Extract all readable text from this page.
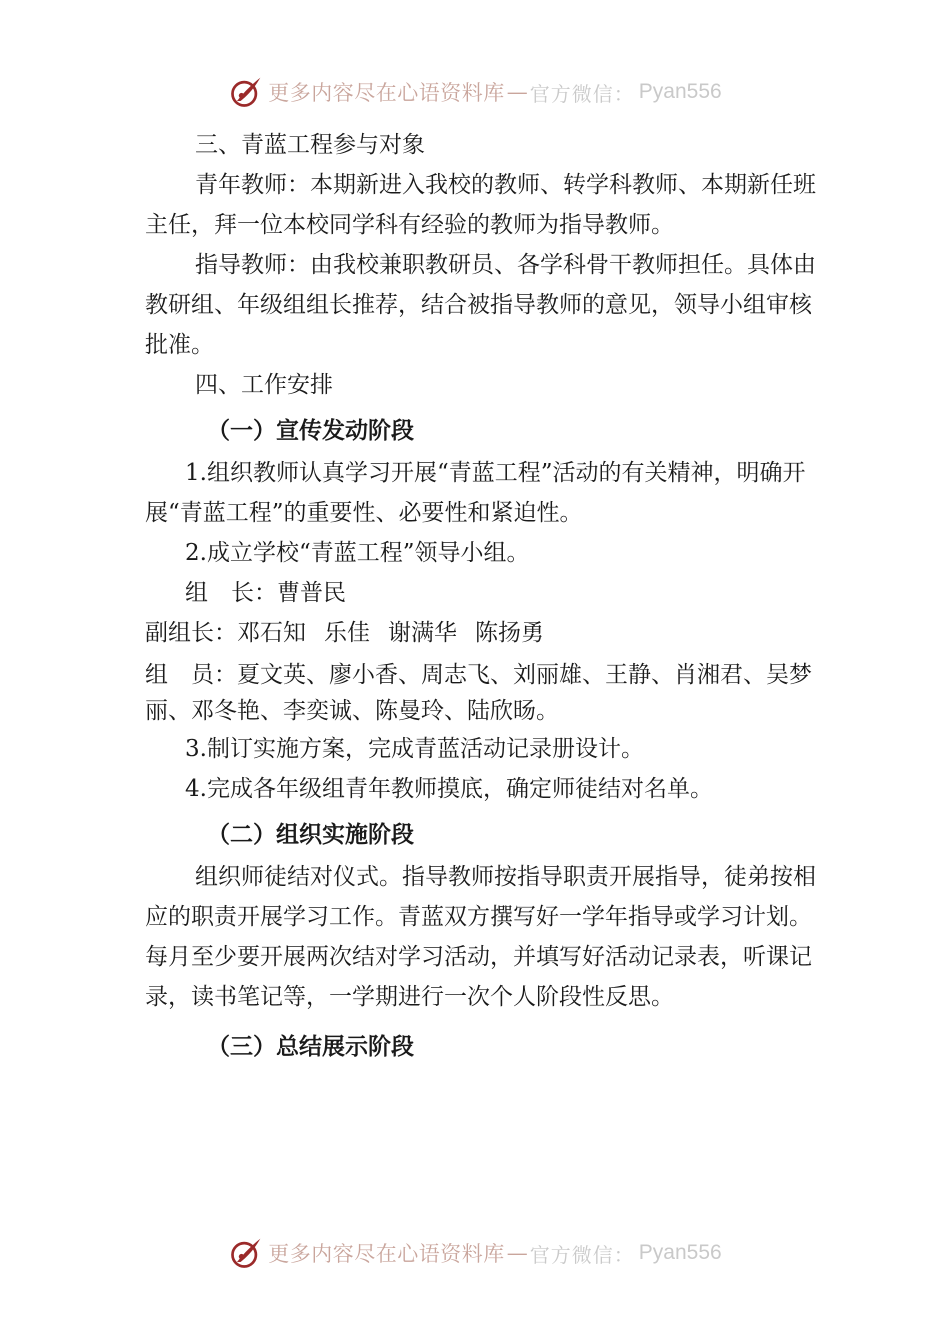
更多内容尽在心语资料库 — 官方微信： Pyan556

三、青蓝工程参与对象

青年教师：本期新进入我校的教师、转学科教师、本期新任班主任，拜一位本校同学科有经验的教师为指导教师。

指导教师：由我校兼职教研员、各学科骨干教师担任。具体由教研组、年级组组长推荐，结合被指导教师的意见，领导小组审核批准。

四、工作安排

（一）宣传发动阶段

1.组织教师认真学习开展“青蓝工程”活动的有关精神，明确开展“青蓝工程”的重要性、必要性和紧迫性。

2.成立学校“青蓝工程”领导小组。

组　长：曹普民

副组长：邓石知 乐佳 谢满华 陈扬勇

组　员：夏文英、廖小香、周志飞、刘丽雄、王静、肖湘君、吴梦丽、邓冬艳、李奕诚、陈曼玲、陆欣旸。

3.制订实施方案，完成青蓝活动记录册设计。

4.完成各年级组青年教师摸底，确定师徒结对名单。

（二）组织实施阶段

组织师徒结对仪式。指导教师按指导职责开展指导，徒弟按相应的职责开展学习工作。青蓝双方撰写好一学年指导或学习计划。每月至少要开展两次结对学习活动，并填写好活动记录表，听课记录，读书笔记等，一学期进行一次个人阶段性反思。

（三）总结展示阶段
更多内容尽在心语资料库 — 官方微信： Pyan556
